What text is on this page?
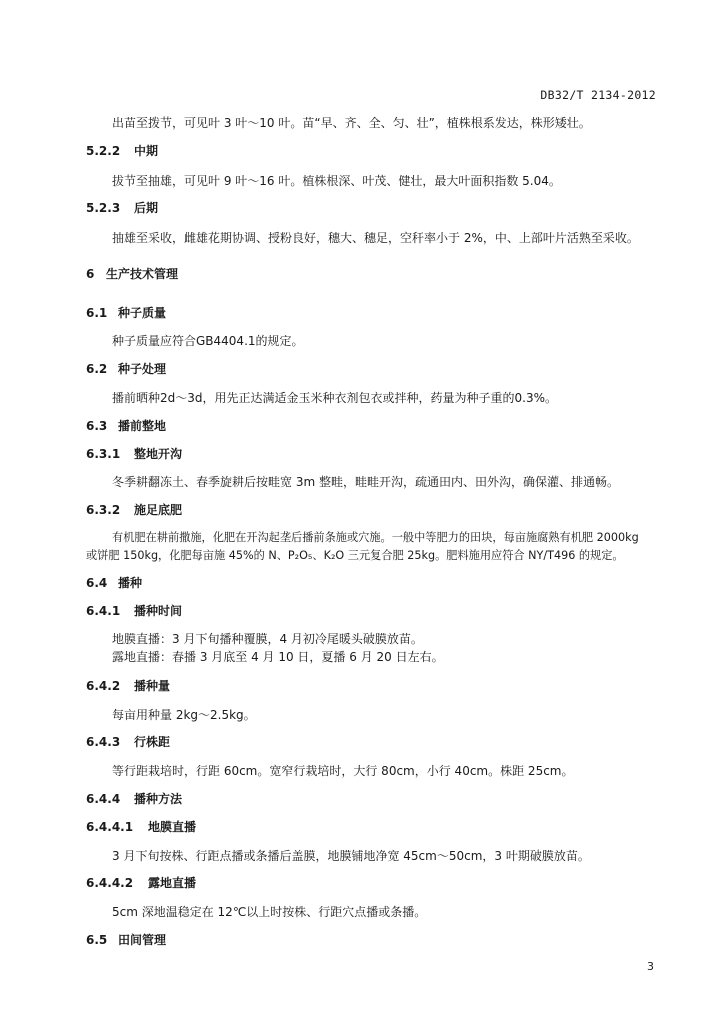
DB32/T 2134-2012
出苗至拨节，可见叶 3 叶～10 叶。苗“早、齐、全、匀、壮”，植株根系发达，株形矮壮。
5.2.2 中期
拔节至抽雄，可见叶 9 叶～16 叶。植株根深、叶茂、健壮，最大叶面积指数 5.04。
5.2.3 后期
抽雄至采收，雌雄花期协调、授粉良好，穗大、穗足，空秆率小于 2%，中、上部叶片活熟至采收。
6 生产技术管理
6.1 种子质量
种子质量应符合GB4404.1的规定。
6.2 种子处理
播前晒种2d～3d，用先正达满适金玉米种衣剂包衣或拌种，药量为种子重的0.3%。
6.3 播前整地
6.3.1 整地开沟
冬季耕翻冻土、春季旋耕后按畦宽 3m 整畦，畦畦开沟，疏通田内、田外沟，确保灌、排通畅。
6.3.2 施足底肥
有机肥在耕前撒施，化肥在开沟起垄后播前条施或穴施。一般中等肥力的田块，每亩施腐熟有机肥 2000kg
或饼肥 150kg，化肥每亩施 45%的 N、P₂O₅、K₂O 三元复合肥 25kg。肥料施用应符合 NY/T496 的规定。
6.4 播种
6.4.1 播种时间
地膜直播：3 月下旬播种覆膜，4 月初冷尾暖头破膜放苗。
露地直播：春播 3 月底至 4 月 10 日，夏播 6 月 20 日左右。
6.4.2 播种量
每亩用种量 2kg～2.5kg。
6.4.3 行株距
等行距栽培时，行距 60cm。宽窄行栽培时，大行 80cm，小行 40cm。株距 25cm。
6.4.4 播种方法
6.4.4.1 地膜直播
3 月下旬按株、行距点播或条播后盖膜，地膜铺地净宽 45cm～50cm，3 叶期破膜放苗。
6.4.4.2 露地直播
5cm 深地温稳定在 12℃以上时按株、行距穴点播或条播。
6.5 田间管理
3
